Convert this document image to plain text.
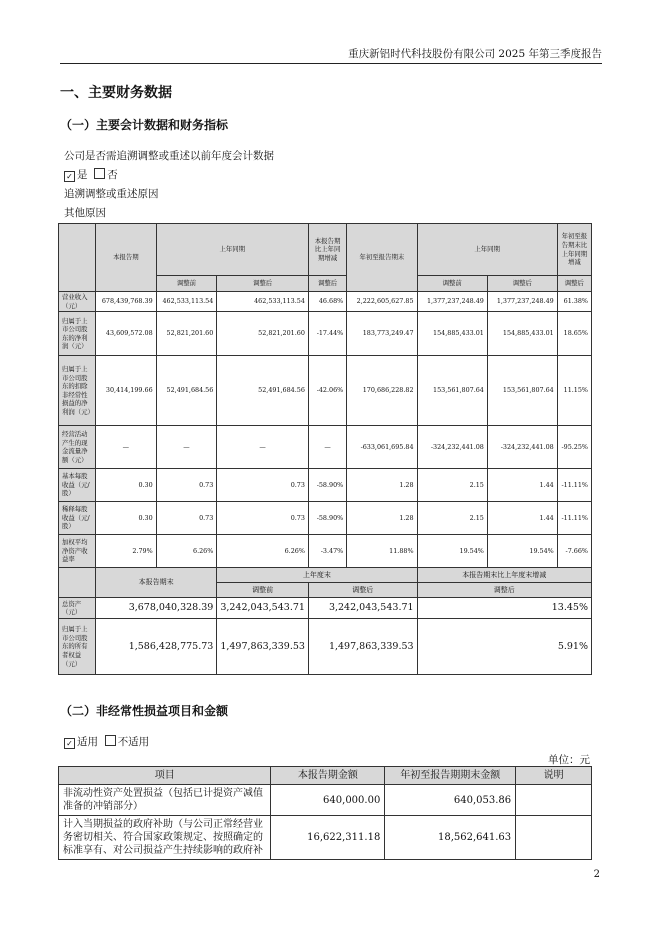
重庆新铝时代科技股份有限公司 2025 年第三季度报告
一、主要财务数据
（一）主要会计数据和财务指标
公司是否需追溯调整或重述以前年度会计数据
✓ 是 否
追溯调整或重述原因
其他原因
	本报告期	上年同期		本报告期比上年同期增减	年初至报告期末	上年同期		年初至报告期末比上年同期增减
		调整前	调整后	调整后		调整前	调整后	调整后
营业收入（元）	678,439,768.39	462,533,113.54	462,533,113.54	46.68%	2,222,605,627.85	1,377,237,248.49	1,377,237,248.49	61.38%
归属于上市公司股东的净利润（元）	43,609,572.08	52,821,201.60	52,821,201.60	-17.44%	183,773,249.47	154,885,433.01	154,885,433.01	18.65%
归属于上市公司股东的扣除非经常性损益的净利润（元）	30,414,199.66	52,491,684.56	52,491,684.56	-42.06%	170,686,228.82	153,561,807.64	153,561,807.64	11.15%
经营活动产生的现金流量净额（元）	—	—	—	—	-633,061,695.84	-324,232,441.08	-324,232,441.08	-95.25%
基本每股收益（元/股）	0.30	0.73	0.73	-58.90%	1.28	2.15	1.44	-11.11%
稀释每股收益（元/股）	0.30	0.73	0.73	-58.90%	1.28	2.15	1.44	-11.11%
加权平均净资产收益率	2.79%	6.26%	6.26%	-3.47%	11.88%	19.54%	19.54%	-7.66%
	本报告期末		上年度末			本报告期末比上年度末增减		
			调整前	调整后		调整后		
总资产（元）	3,678,040,328.39		3,242,043,543.71	3,242,043,543.71		13.45%		
归属于上市公司股东的所有者权益（元）	1,586,428,775.73		1,497,863,339.53	1,497,863,339.53		5.91%		
（二）非经常性损益项目和金额
✓ 适用 不适用
单位：元
项目	本报告期金额	年初至报告期期末金额	说明
非流动性资产处置损益（包括已计提资产减值准备的冲销部分）	640,000.00	640,053.86	
计入当期损益的政府补助（与公司正常经营业务密切相关、符合国家政策规定、按照确定的标准享有、对公司损益产生持续影响的政府补	16,622,311.18	18,562,641.63	
2
